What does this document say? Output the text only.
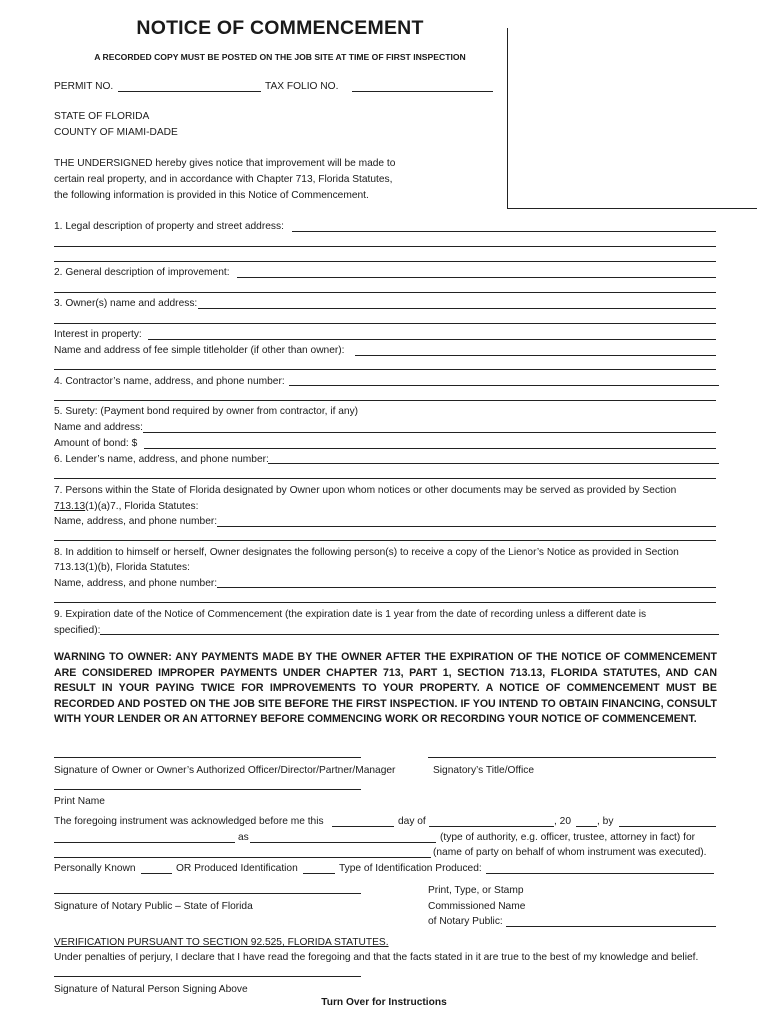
NOTICE OF COMMENCEMENT
A RECORDED COPY MUST BE POSTED ON THE JOB SITE AT TIME OF FIRST INSPECTION
PERMIT NO.	TAX FOLIO NO.
STATE OF FLORIDA
COUNTY OF MIAMI-DADE
THE UNDERSIGNED hereby gives notice that improvement will be made to
certain real property, and in accordance with Chapter 713, Florida Statutes,
the following information is provided in this Notice of Commencement.
1. Legal description of property and street address:
2. General description of improvement:
3. Owner(s) name and address:
Interest in property:
Name and address of fee simple titleholder (if other than owner):
4. Contractor’s name, address, and phone number:
5. Surety: (Payment bond required by owner from contractor, if any)
Name and address:
Amount of bond: $
6. Lender’s name, address, and phone number:
7. Persons within the State of Florida designated by Owner upon whom notices or other documents may be served as provided by Section
713.13(1)(a)7., Florida Statutes:
Name, address, and phone number:
8. In addition to himself or herself, Owner designates the following person(s) to receive a copy of the Lienor’s Notice as provided in Section
713.13(1)(b), Florida Statutes:
Name, address, and phone number:
9. Expiration date of the Notice of Commencement (the expiration date is 1 year from the date of recording unless a different date is
specified):
WARNING TO OWNER: ANY PAYMENTS MADE BY THE OWNER AFTER THE EXPIRATION OF THE NOTICE OF COMMENCEMENT ARE CONSIDERED IMPROPER PAYMENTS UNDER CHAPTER 713, PART 1, SECTION 713.13, FLORIDA STATUTES, AND CAN RESULT IN YOUR PAYING TWICE FOR IMPROVEMENTS TO YOUR PROPERTY. A NOTICE OF COMMENCEMENT MUST BE RECORDED AND POSTED ON THE JOB SITE BEFORE THE FIRST INSPECTION. IF YOU INTEND TO OBTAIN FINANCING, CONSULT WITH YOUR LENDER OR AN ATTORNEY BEFORE COMMENCING WORK OR RECORDING YOUR NOTICE OF COMMENCEMENT.
Signature of Owner or Owner’s Authorized Officer/Director/Partner/Manager	Signatory’s Title/Office
Print Name
The foregoing instrument was acknowledged before me this	day of	, 20	, by
as	(type of authority, e.g. officer, trustee, attorney in fact) for
(name of party on behalf of whom instrument was executed).
Personally Known	OR Produced Identification	Type of Identification Produced:
Signature of Notary Public – State of Florida
Print, Type, or Stamp
Commissioned Name
of Notary Public:
VERIFICATION PURSUANT TO SECTION 92.525, FLORIDA STATUTES.
Under penalties of perjury, I declare that I have read the foregoing and that the facts stated in it are true to the best of my knowledge and belief.
Signature of Natural Person Signing Above
Turn Over for Instructions
